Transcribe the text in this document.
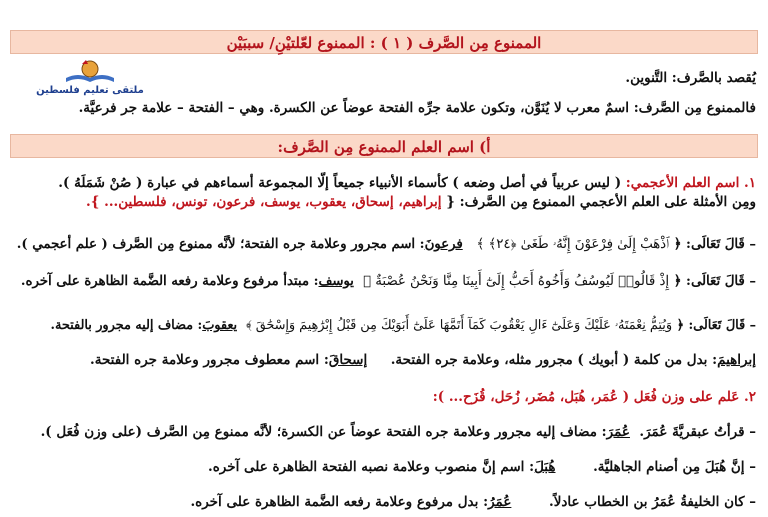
الممنوع مِن الصَّرف ( ١ ) : الممنوع لعّلتيْنِ/ سببَيْن
ملتقى تعليم فلسطين
يُقصد بالصَّرف: التَّنوين.
فالممنوع مِن الصَّرف: اسمٌ معرب لا يُنَوَّن، وتكون علامة جرِّه الفتحة عوضاً عن الكسرة. وهي – الفتحة – علامة جر فرعيَّة.
أ) اسم العلم الممنوع مِن الصَّرف:
١. اسم العلم الأعجمي: ( ليس عربياً في أصل وضعه ) كأسماء الأنبياء جميعاً إلّا المجموعة أسماءهم في عبارة ( صُنْ شَمَلَهُ ).
ومِن الأمثلة على العلم الأعجمي الممنوع مِن الصَّرف: { إبراهيم، إسحاق، يعقوب، يوسف، فرعون، تونس، فلسطين... }.
– قَالَ تَعَالَى: ﴿ ٱذْهَبْ إِلَىٰ فِرْعَوْنَ إِنَّهُۥ طَغَىٰ ﴿٢٤﴾ ﴾   فرعونَ: اسم مجرور وعلامة جره الفتحة؛ لأنَّه ممنوع مِن الصَّرف ( علم أعجمي ).
– قَالَ تَعَالَى: ﴿ إِذْ قَالُوا۟ لَيُوسُفُ وَأَخُوهُ أَحَبُّ إِلَىٰٓ أَبِينَا مِنَّا وَنَحْنُ عُصْبَةٌ ﴾  يوسف: مبتدأ مرفوع وعلامة رفعه الضَّمة الظاهرة على آخره.
– قَالَ تَعَالَى: ﴿ وَيُتِمُّ نِعْمَتَهُۥ عَلَيْكَ وَعَلَىٰٓ ءَالِ يَعْقُوبَ كَمَآ أَتَمَّهَا عَلَىٰٓ أَبَوَيْكَ مِن قَبْلُ إِبْرَٰهِيمَ وَإِسْحَٰقَ ﴾  يعقوبَ: مضاف إليه مجرور بالفتحة.
إبراهيمَ: بدل من كلمة ( أبويك ) مجرور مثله، وعلامة جره الفتحة.     إسحاقَ: اسم معطوف مجرور وعلامة جره الفتحة.
٢. عَلم على وزن فُعَل ( عُمَر، هُبَل، مُضَر، زُحَل، قُزَح... ):
– قرأتُ عبقريَّةَ عُمَرَ.  عُمَرَ: مضاف إليه مجرور وعلامة جره الفتحة عوضاً عن الكسرة؛ لأنَّه ممنوع مِن الصَّرف (على وزن فُعَل ).
– إنَّ هُبَلَ مِن أصنام الجاهليَّة.        هُبَلَ: اسم إنَّ منصوب وعلامة نصبه الفتحة الظاهرة على آخره.
– كان الخليفةُ عُمَرُ بن الخطاب عادلاً.        عُمَرُ: بدل مرفوع وعلامة رفعه الضَّمة الظاهرة على آخره.
